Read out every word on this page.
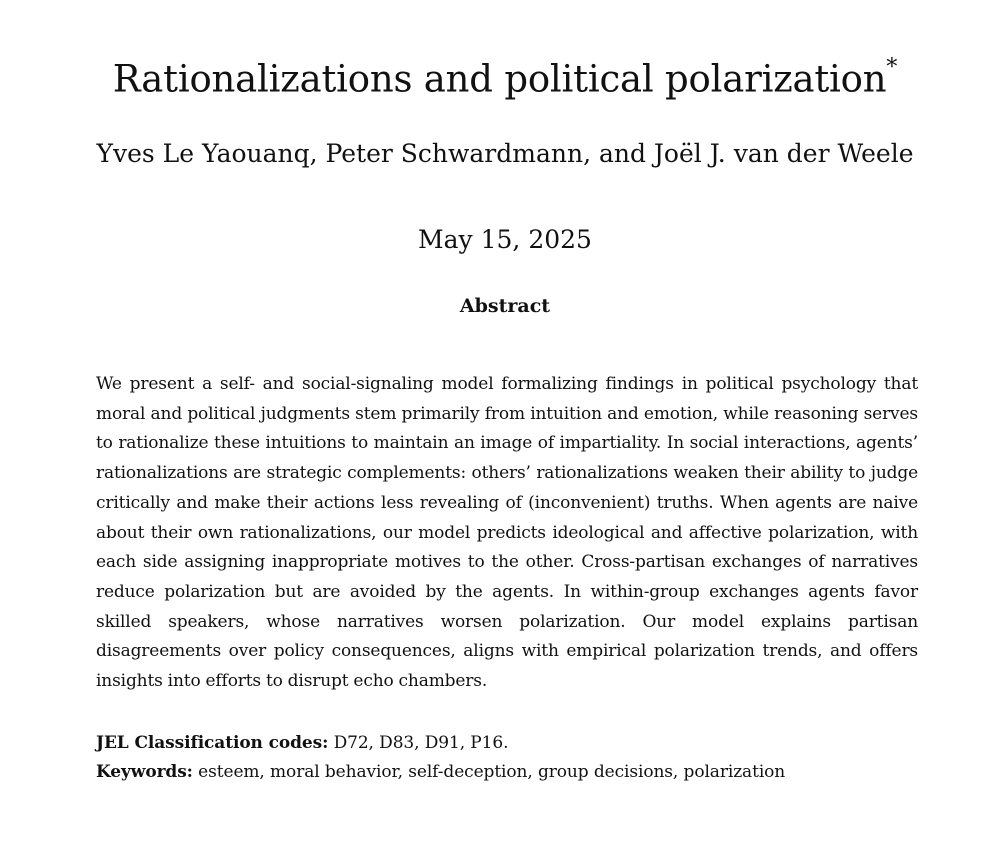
Rationalizations and political polarization*
Yves Le Yaouanq, Peter Schwardmann, and Joël J. van der Weele
May 15, 2025
Abstract

We present a self- and social-signaling model formalizing findings in political psychology that moral and political judgments stem primarily from intuition and emotion, while reasoning serves to rationalize these intuitions to maintain an image of impartiality. In social interactions, agents’ rationalizations are strategic complements: others’ rationalizations weaken their ability to judge critically and make their actions less revealing of (inconvenient) truths. When agents are naive about their own rationalizations, our model predicts ideological and affective polarization, with each side assigning inappropriate motives to the other. Cross-partisan exchanges of narratives reduce polarization but are avoided by the agents. In within-group exchanges agents favor skilled speakers, whose narratives worsen polarization. Our model explains partisan disagreements over policy consequences, aligns with empirical polarization trends, and offers insights into efforts to disrupt echo chambers.

JEL Classification codes: D72, D83, D91, P16.
Keywords: esteem, moral behavior, self-deception, group decisions, polarization
